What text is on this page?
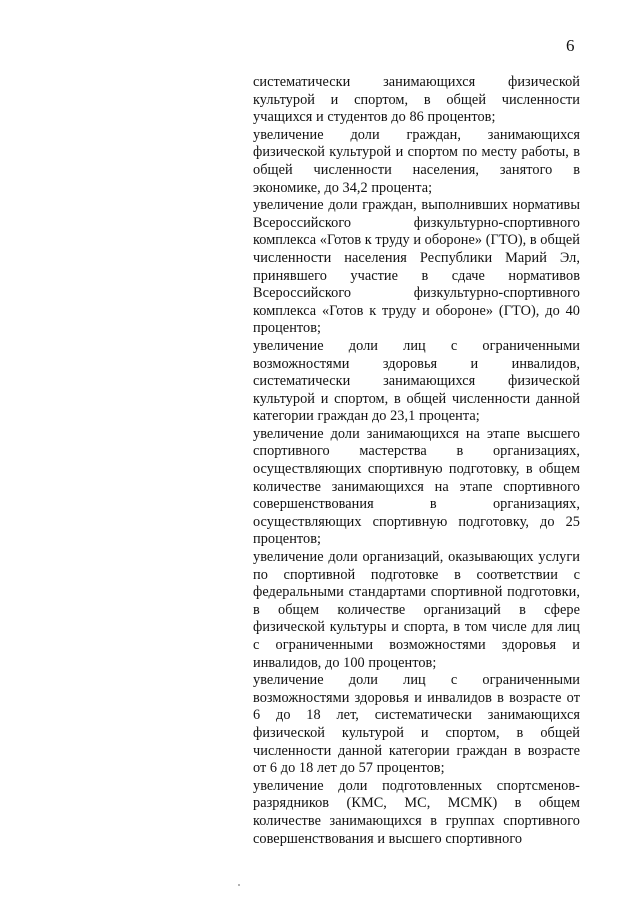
6

систематически занимающихся физической культурой и спортом, в общей численности учащихся и студентов до 86 процентов;

увеличение доли граждан, занимающихся физической культурой и спортом по месту работы, в общей численности населения, занятого в экономике, до 34,2 процента;

увеличение доли граждан, выполнивших нормативы Всероссийского физкультурно-спортивного комплекса «Готов к труду и обороне» (ГТО), в общей численности населения Республики Марий Эл, принявшего участие в сдаче нормативов Всероссийского физкультурно-спортивного комплекса «Готов к труду и обороне» (ГТО), до 40 процентов;

увеличение доли лиц с ограниченными возможностями здоровья и инвалидов, систематически занимающихся физической культурой и спортом, в общей численности данной категории граждан до 23,1 процента;

увеличение доли занимающихся на этапе высшего спортивного мастерства в организациях, осуществляющих спортивную подготовку, в общем количестве занимающихся на этапе спортивного совершенствования в организациях, осуществляющих спортивную подготовку, до 25 процентов;

увеличение доли организаций, оказывающих услуги по спортивной подготовке в соответствии с федеральными стандартами спортивной подготовки, в общем количестве организаций в сфере физической культуры и спорта, в том числе для лиц с ограниченными возможностями здоровья и инвалидов, до 100 процентов;

увеличение доли лиц с ограниченными возможностями здоровья и инвалидов в возрасте от 6 до 18 лет, систематически занимающихся физической культурой и спортом, в общей численности данной категории граждан в возрасте от 6 до 18 лет до 57 процентов;

увеличение доли подготовленных спортсменов-разрядников (КМС, МС, МСМК) в общем количестве занимающихся в группах спортивного совершенствования и высшего спортивного
